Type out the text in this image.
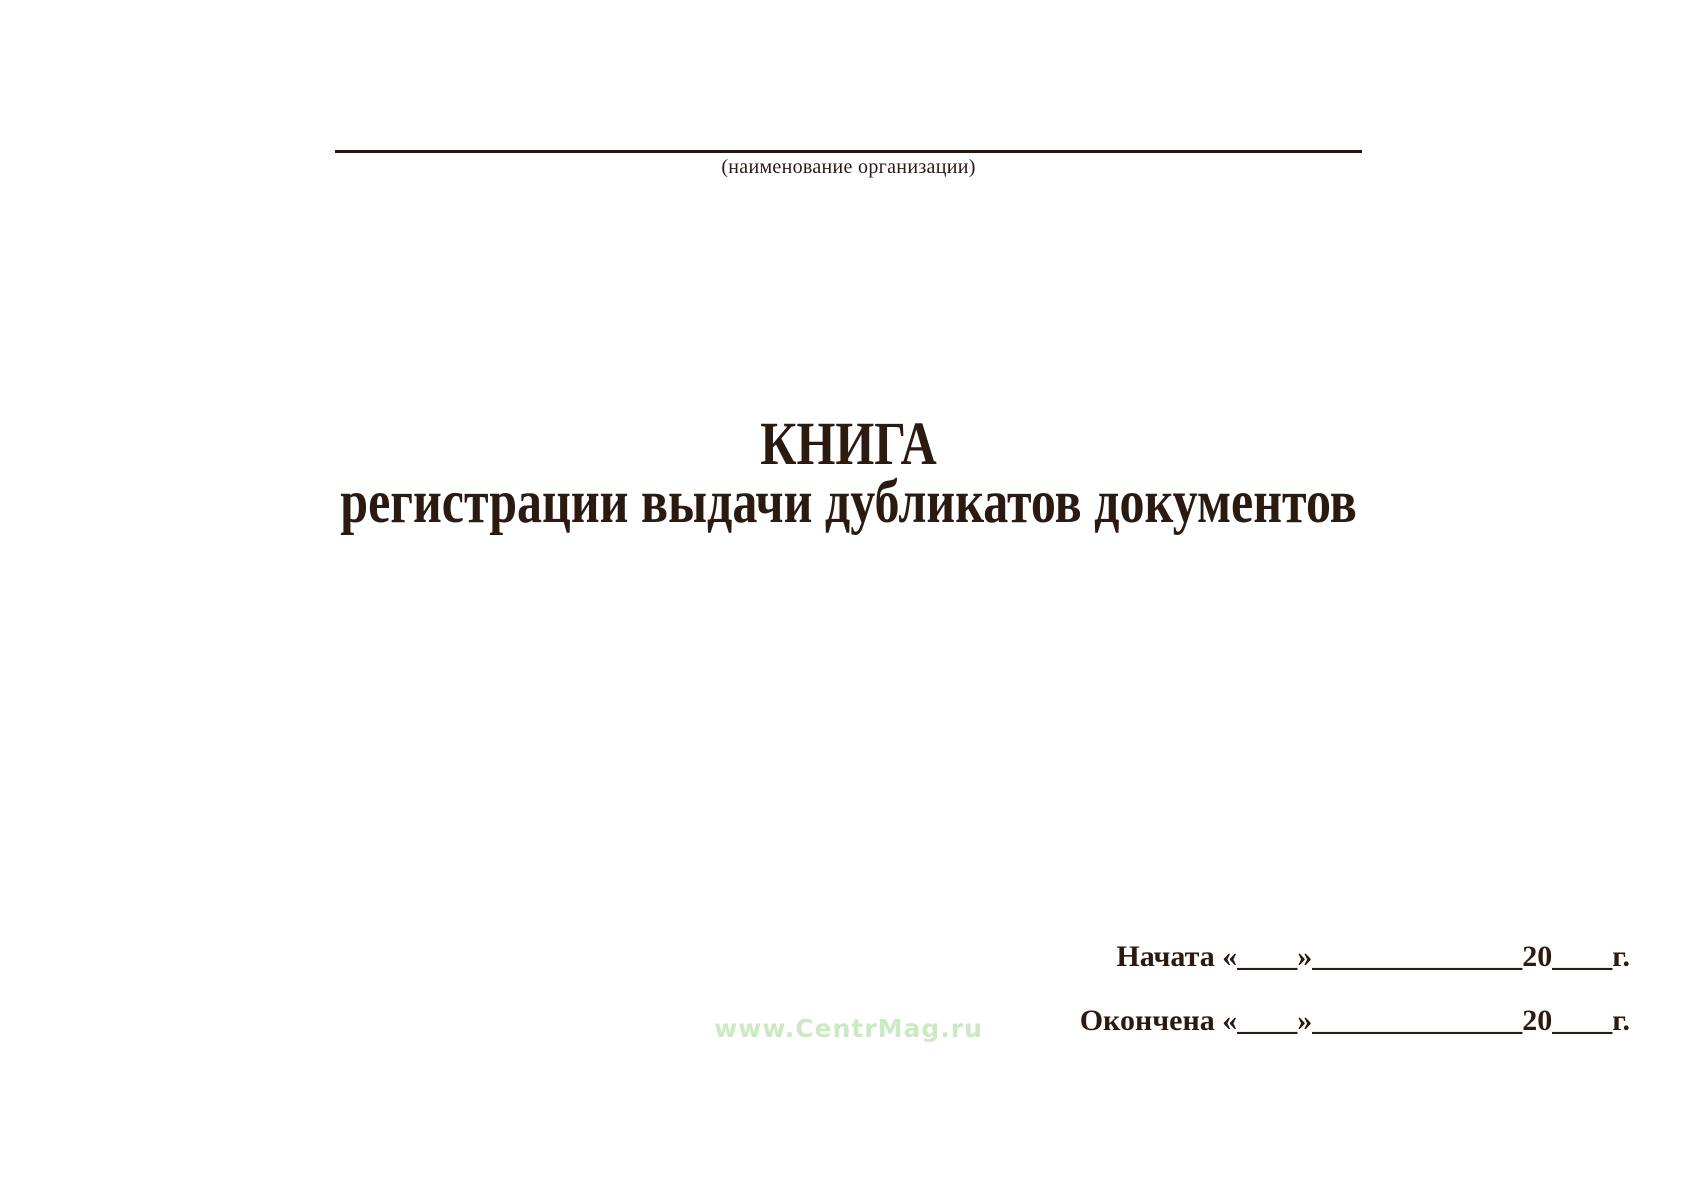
(наименование организации)
КНИГА
регистрации выдачи дубликатов документов
Начата «____»______________20____г.
Окончена «____»______________20____г.
www.CentrMag.ru
